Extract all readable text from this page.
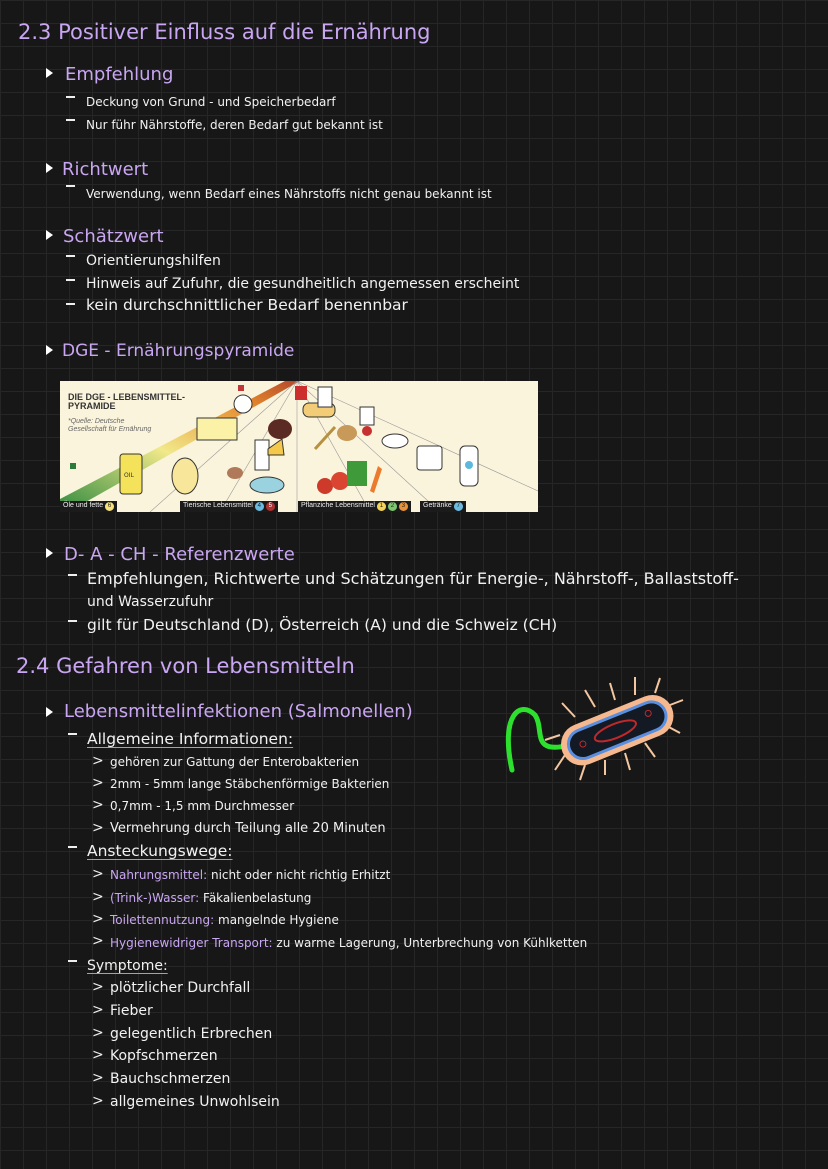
2.3 Positiver Einfluss auf die Ernährung
Empfehlung
Deckung von Grund - und Speicherbedarf
Nur führ Nährstoffe, deren Bedarf gut bekannt ist
Richtwert
Verwendung, wenn Bedarf eines Nährstoffs nicht genau bekannt ist
Schätzwert
Orientierungshilfen
Hinweis auf Zufuhr, die gesundheitlich angemessen erscheint
kein durchschnittlicher Bedarf benennbar
DGE - Ernährungspyramide
OIL
DIE DGE - LEBENSMITTEL-PYRAMIDE
*Quelle: Deutsche Gesellschaft für Ernährung
Öle und fette 6	Tierische Lebensmittel 4 5	Pflanziche Lebensmittel 1 2 3	Getränke 7
D- A - CH - Referenzwerte
Empfehlungen, Richtwerte und Schätzungen für Energie-, Nährstoff-, Ballaststoff-
und Wasserzufuhr
gilt für Deutschland (D), Österreich (A) und die Schweiz (CH)
2.4 Gefahren von Lebensmitteln
Lebensmittelinfektionen (Salmonellen)
Allgemeine Informationen:
> gehören zur Gattung der Enterobakterien
> 2mm - 5mm lange Stäbchenförmige Bakterien
> 0,7mm - 1,5 mm Durchmesser
> Vermehrung durch Teilung alle 20 Minuten
Ansteckungswege:
> Nahrungsmittel: nicht oder nicht richtig Erhitzt
> (Trink-)Wasser: Fäkalienbelastung
> Toilettennutzung: mangelnde Hygiene
> Hygienewidriger Transport: zu warme Lagerung, Unterbrechung von Kühlketten
Symptome:
> plötzlicher Durchfall
> Fieber
> gelegentlich Erbrechen
> Kopfschmerzen
> Bauchschmerzen
> allgemeines Unwohlsein
